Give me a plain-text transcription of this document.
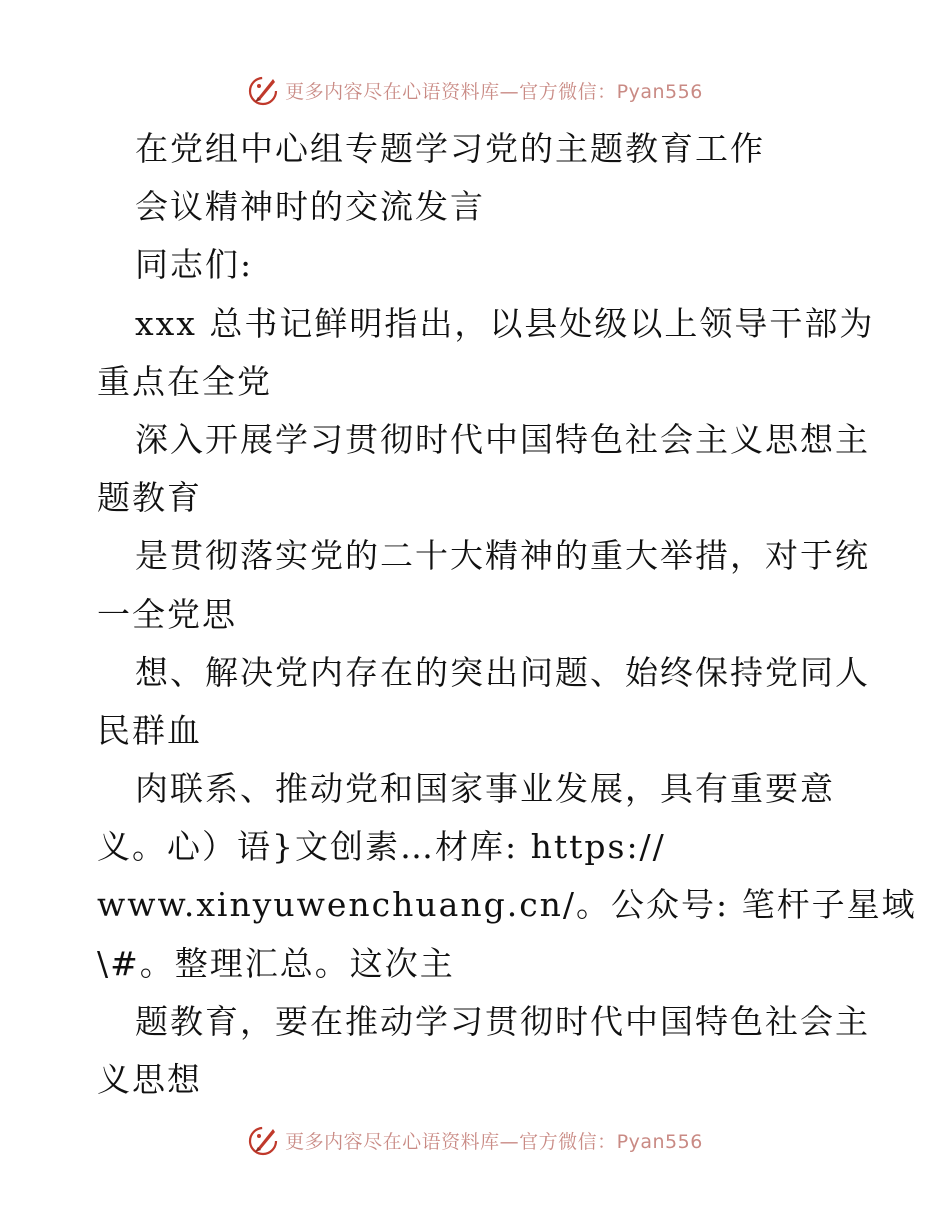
更多内容尽在心语资料库—官方微信：Pyan556
在党组中心组专题学习党的主题教育工作
会议精神时的交流发言
同志们:
xxx 总书记鲜明指出，以县处级以上领导干部为
重点在全党
深入开展学习贯彻时代中国特色社会主义思想主
题教育
是贯彻落实党的二十大精神的重大举措，对于统
一全党思
想、解决党内存在的突出问题、始终保持党同人
民群血
肉联系、推动党和国家事业发展，具有重要意
义。心）语}文创素…材库: https://
www.xinyuwenchuang.cn/。公众号: 笔杆子星域
\#。整理汇总。这次主
题教育，要在推动学习贯彻时代中国特色社会主
义思想
更多内容尽在心语资料库—官方微信：Pyan556
